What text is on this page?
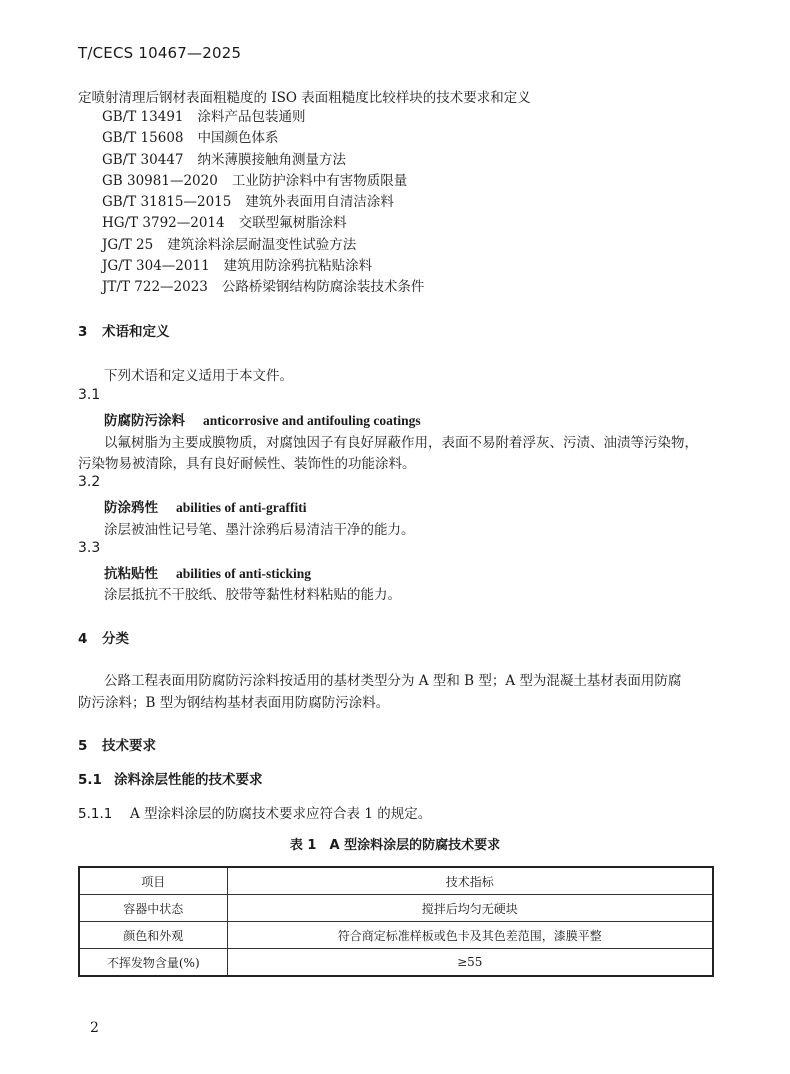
T/CECS 10467—2025
定喷射清理后钢材表面粗糙度的 ISO 表面粗糙度比较样块的技术要求和定义
GB/T 13491 涂料产品包装通则
GB/T 15608 中国颜色体系
GB/T 30447 纳米薄膜接触角测量方法
GB 30981—2020 工业防护涂料中有害物质限量
GB/T 31815—2015 建筑外表面用自清洁涂料
HG/T 3792—2014 交联型氟树脂涂料
JG/T 25 建筑涂料涂层耐温变性试验方法
JG/T 304—2011 建筑用防涂鸦抗粘贴涂料
JT/T 722—2023 公路桥梁钢结构防腐涂装技术条件
3 术语和定义
下列术语和定义适用于本文件。
3.1
防腐防污涂料 anticorrosive and antifouling coatings
以氟树脂为主要成膜物质，对腐蚀因子有良好屏蔽作用，表面不易附着浮灰、污渍、油渍等污染物，
污染物易被清除，具有良好耐候性、装饰性的功能涂料。
3.2
防涂鸦性 abilities of anti-graffiti
涂层被油性记号笔、墨汁涂鸦后易清洁干净的能力。
3.3
抗粘贴性 abilities of anti-sticking
涂层抵抗不干胶纸、胶带等黏性材料粘贴的能力。
4 分类
公路工程表面用防腐防污涂料按适用的基材类型分为 A 型和 B 型；A 型为混凝土基材表面用防腐
防污涂料；B 型为钢结构基材表面用防腐防污涂料。
5 技术要求
5.1 涂料涂层性能的技术要求
5.1.1 A 型涂料涂层的防腐技术要求应符合表 1 的规定。
表 1　A 型涂料涂层的防腐技术要求
项目	技术指标
容器中状态	搅拌后均匀无硬块
颜色和外观	符合商定标准样板或色卡及其色差范围，漆膜平整
不挥发物含量(%)	≥55
2
